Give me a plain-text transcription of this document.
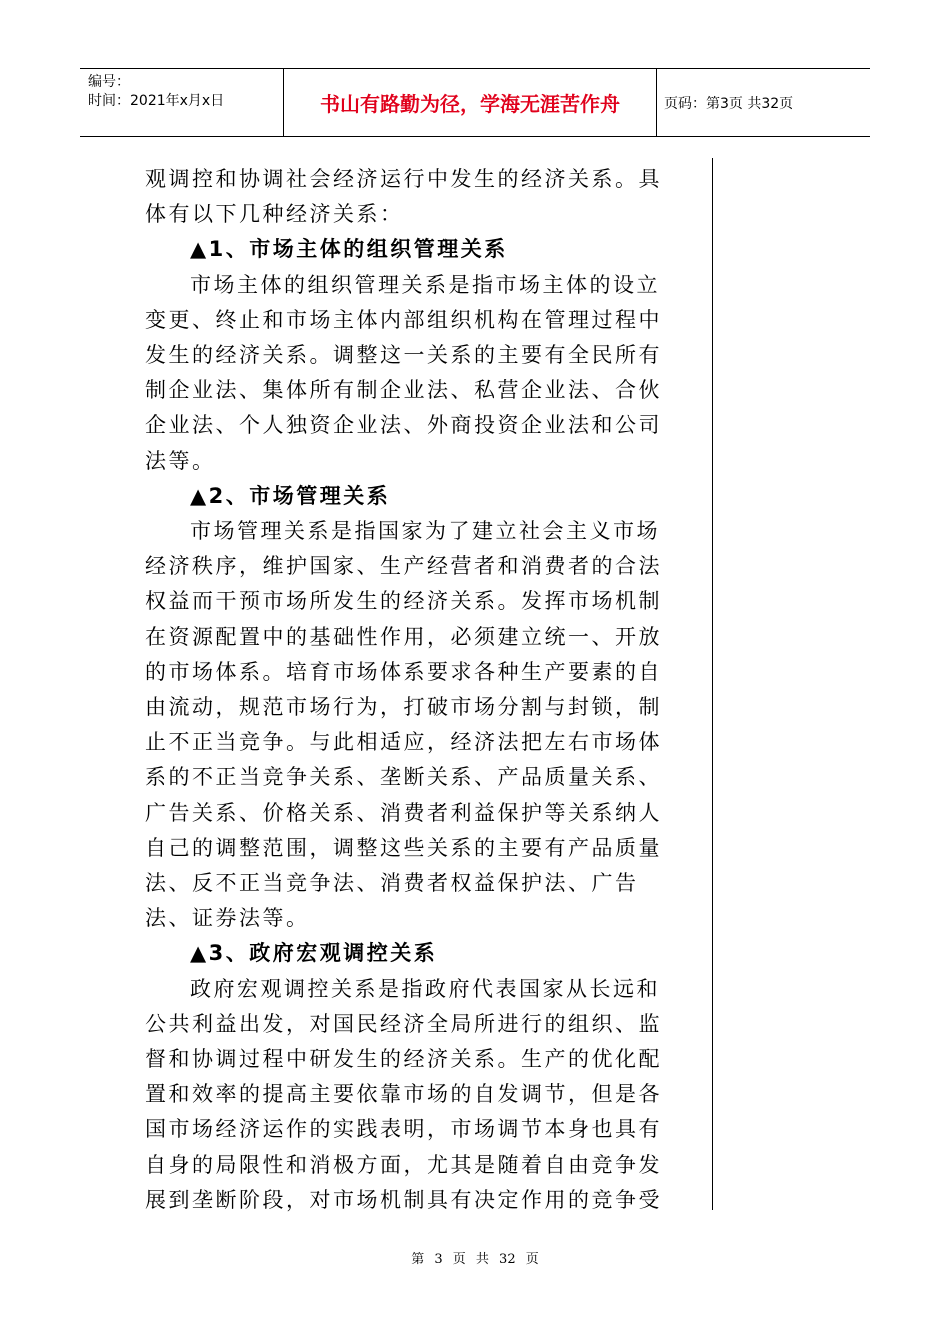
编号：
时间：2021年x月x日	书山有路勤为径，学海无涯苦作舟	页码：第3页 共32页

观调控和协调社会经济运行中发生的经济关系。具体有以下几种经济关系：

▲1、市场主体的组织管理关系

市场主体的组织管理关系是指市场主体的设立变更、终止和市场主体内部组织机构在管理过程中发生的经济关系。调整这一关系的主要有全民所有制企业法、集体所有制企业法、私营企业法、合伙企业法、个人独资企业法、外商投资企业法和公司法等。

▲2、市场管理关系

市场管理关系是指国家为了建立社会主义市场经济秩序，维护国家、生产经营者和消费者的合法权益而干预市场所发生的经济关系。发挥市场机制在资源配置中的基础性作用，必须建立统一、开放的市场体系。培育市场体系要求各种生产要素的自由流动，规范市场行为，打破市场分割与封锁，制止不正当竞争。与此相适应，经济法把左右市场体系的不正当竞争关系、垄断关系、产品质量关系、广告关系、价格关系、消费者利益保护等关系纳人自己的调整范围，调整这些关系的主要有产品质量法、反不正当竞争法、消费者权益保护法、广告法、证券法等。

▲3、政府宏观调控关系

政府宏观调控关系是指政府代表国家从长远和公共利益出发，对国民经济全局所进行的组织、监督和协调过程中研发生的经济关系。生产的优化配置和效率的提高主要依靠市场的自发调节，但是各国市场经济运作的实践表明，市场调节本身也具有自身的局限性和消极方面，尤其是随着自由竞争发展到垄断阶段，对市场机制具有决定作用的竞争受

第 3 页 共 32 页
